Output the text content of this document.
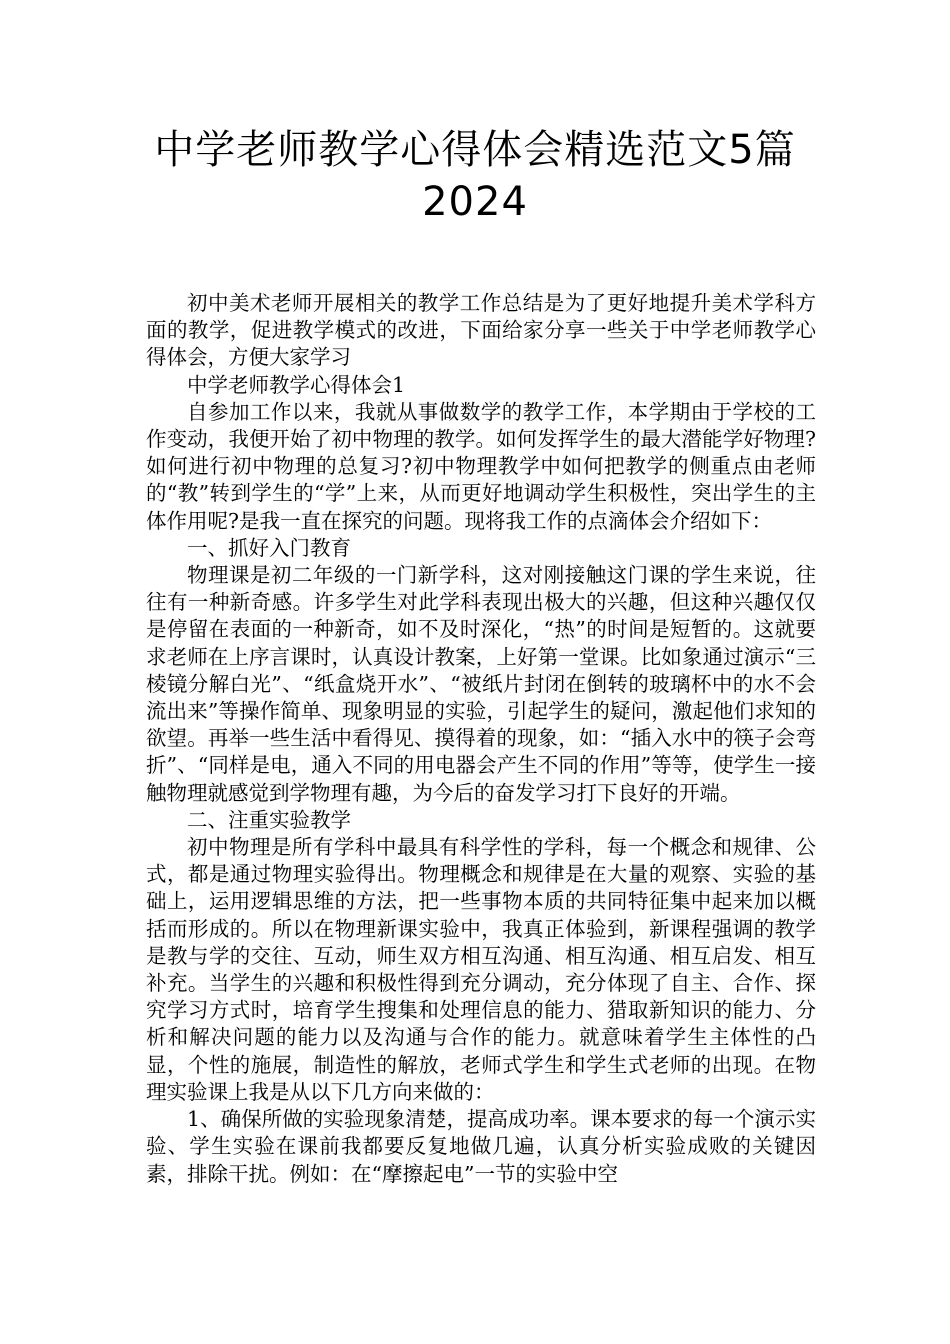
中学老师教学心得体会精选范文5篇
2024

初中美术老师开展相关的教学工作总结是为了更好地提升美术学科方面的教学，促进教学模式的改进，下面给家分享一些关于中学老师教学心得体会，方便大家学习

中学老师教学心得体会1

自参加工作以来，我就从事做数学的教学工作，本学期由于学校的工作变动，我便开始了初中物理的教学。如何发挥学生的最大潜能学好物理?如何进行初中物理的总复习?初中物理教学中如何把教学的侧重点由老师的“教”转到学生的“学”上来，从而更好地调动学生积极性，突出学生的主体作用呢?是我一直在探究的问题。现将我工作的点滴体会介绍如下：

一、抓好入门教育

物理课是初二年级的一门新学科，这对刚接触这门课的学生来说，往往有一种新奇感。许多学生对此学科表现出极大的兴趣，但这种兴趣仅仅是停留在表面的一种新奇，如不及时深化，“热”的时间是短暂的。这就要求老师在上序言课时，认真设计教案，上好第一堂课。比如象通过演示“三棱镜分解白光”、“纸盒烧开水”、“被纸片封闭在倒转的玻璃杯中的水不会流出来”等操作简单、现象明显的实验，引起学生的疑问，激起他们求知的欲望。再举一些生活中看得见、摸得着的现象，如：“插入水中的筷子会弯折”、“同样是电，通入不同的用电器会产生不同的作用”等等，使学生一接触物理就感觉到学物理有趣，为今后的奋发学习打下良好的开端。

二、注重实验教学

初中物理是所有学科中最具有科学性的学科，每一个概念和规律、公式，都是通过物理实验得出。物理概念和规律是在大量的观察、实验的基础上，运用逻辑思维的方法，把一些事物本质的共同特征集中起来加以概括而形成的。所以在物理新课实验中，我真正体验到，新课程强调的教学是教与学的交往、互动，师生双方相互沟通、相互沟通、相互启发、相互补充。当学生的兴趣和积极性得到充分调动，充分体现了自主、合作、探究学习方式时，培育学生搜集和处理信息的能力、猎取新知识的能力、分析和解决问题的能力以及沟通与合作的能力。就意味着学生主体性的凸显，个性的施展，制造性的解放，老师式学生和学生式老师的出现。在物理实验课上我是从以下几方向来做的：

1、确保所做的实验现象清楚，提高成功率。课本要求的每一个演示实验、学生实验在课前我都要反复地做几遍，认真分析实验成败的关键因素，排除干扰。例如：在“摩擦起电”一节的实验中空
